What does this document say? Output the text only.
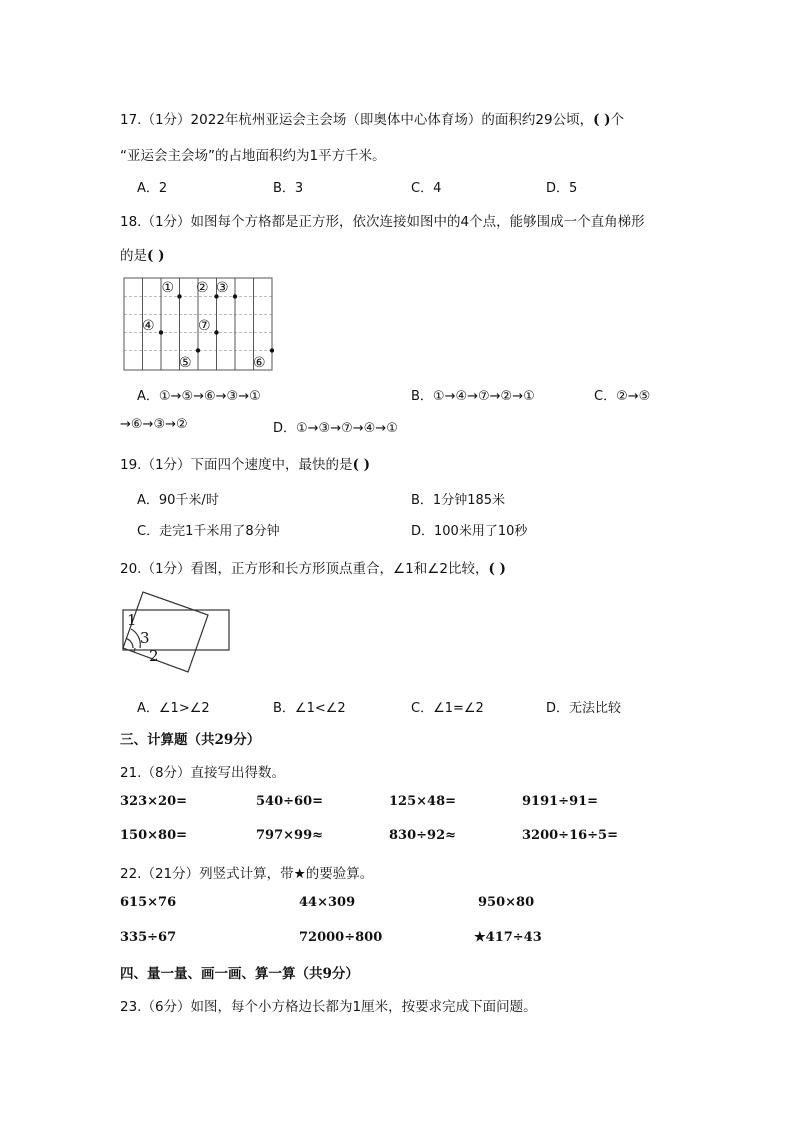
17.（1分）2022年杭州亚运会主会场（即奥体中心体育场）的面积约29公顷，( )个
“亚运会主会场”的占地面积约为1平方千米。
A．2	B．3	C．4	D．5
18.（1分）如图每个方格都是正方形，依次连接如图中的4个点，能够围成一个直角梯形
的是( )
① ② ③
④	⑦
⑤	⑥
A．①→⑤→⑥→③→①	B．①→④→⑦→②→①	C．②→⑤
→⑥→③→②	D．①→③→⑦→④→①
19.（1分）下面四个速度中，最快的是( )
A．90千米/时	B．1分钟185米
C．走完1千米用了8分钟	D．100米用了10秒
20.（1分）看图，正方形和长方形顶点重合，∠1和∠2比较，( )
1
3
2
A．∠1>∠2	B．∠1<∠2	C．∠1=∠2	D．无法比较
三、计算题（共29分）
21.（8分）直接写出得数。
323×20=	540÷60=	125×48=	9191÷91=
150×80=	797×99≈	830÷92≈	3200÷16÷5=
22.（21分）列竖式计算，带★的要验算。
615×76	44×309	950×80
335÷67	72000÷800	★417÷43
四、量一量、画一画、算一算（共9分）
23.（6分）如图，每个小方格边长都为1厘米，按要求完成下面问题。
